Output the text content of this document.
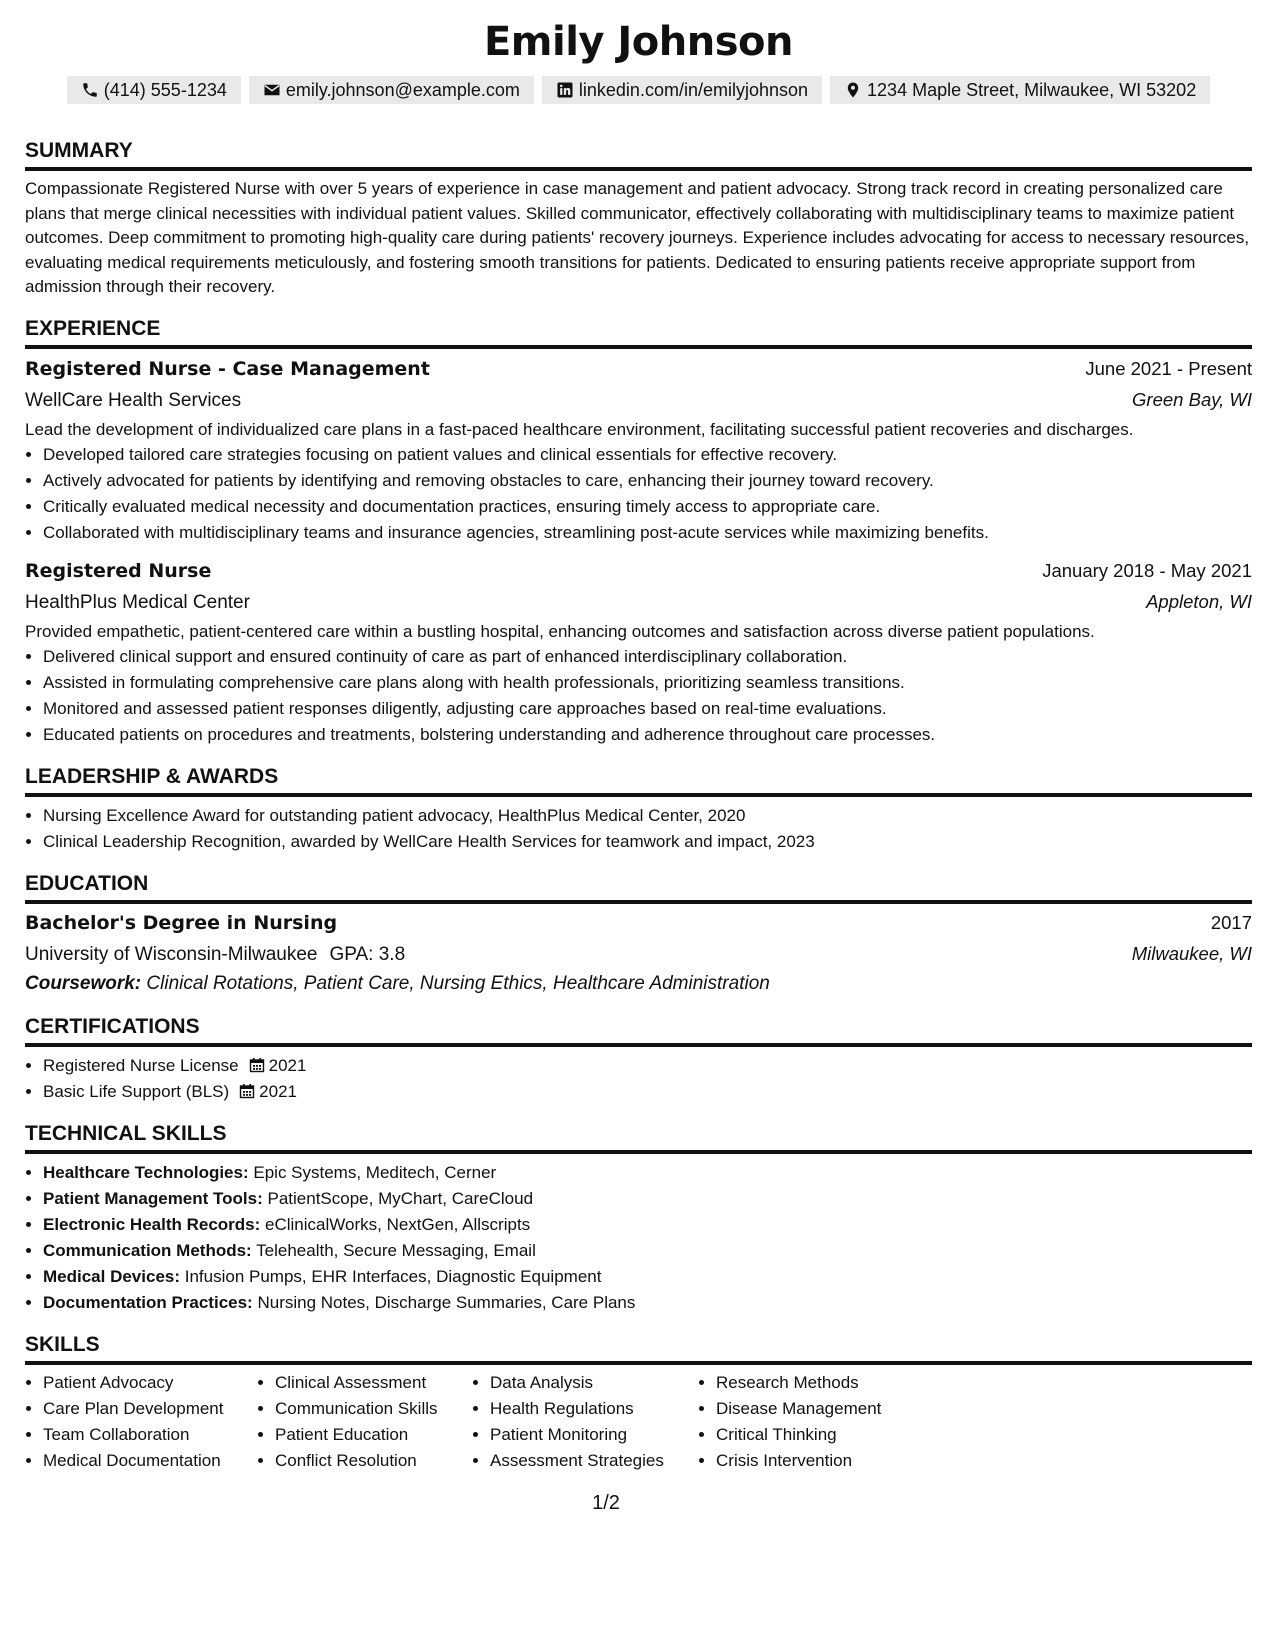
Emily Johnson
(414) 555-1234	emily.johnson@example.com	linkedin.com/in/emilyjohnson	1234 Maple Street, Milwaukee, WI 53202
SUMMARY
Compassionate Registered Nurse with over 5 years of experience in case management and patient advocacy. Strong track record in creating personalized care plans that merge clinical necessities with individual patient values. Skilled communicator, effectively collaborating with multidisciplinary teams to maximize patient outcomes. Deep commitment to promoting high-quality care during patients' recovery journeys. Experience includes advocating for access to necessary resources, evaluating medical requirements meticulously, and fostering smooth transitions for patients. Dedicated to ensuring patients receive appropriate support from admission through their recovery.
EXPERIENCE
Registered Nurse - Case Management	June 2021 - Present
WellCare Health Services	Green Bay, WI
Lead the development of individualized care plans in a fast-paced healthcare environment, facilitating successful patient recoveries and discharges.
• Developed tailored care strategies focusing on patient values and clinical essentials for effective recovery.
• Actively advocated for patients by identifying and removing obstacles to care, enhancing their journey toward recovery.
• Critically evaluated medical necessity and documentation practices, ensuring timely access to appropriate care.
• Collaborated with multidisciplinary teams and insurance agencies, streamlining post-acute services while maximizing benefits.
Registered Nurse	January 2018 - May 2021
HealthPlus Medical Center	Appleton, WI
Provided empathetic, patient-centered care within a bustling hospital, enhancing outcomes and satisfaction across diverse patient populations.
• Delivered clinical support and ensured continuity of care as part of enhanced interdisciplinary collaboration.
• Assisted in formulating comprehensive care plans along with health professionals, prioritizing seamless transitions.
• Monitored and assessed patient responses diligently, adjusting care approaches based on real-time evaluations.
• Educated patients on procedures and treatments, bolstering understanding and adherence throughout care processes.
LEADERSHIP & AWARDS
• Nursing Excellence Award for outstanding patient advocacy, HealthPlus Medical Center, 2020
• Clinical Leadership Recognition, awarded by WellCare Health Services for teamwork and impact, 2023
EDUCATION
Bachelor's Degree in Nursing	2017
University of Wisconsin-Milwaukee GPA: 3.8	Milwaukee, WI
Coursework: Clinical Rotations, Patient Care, Nursing Ethics, Healthcare Administration
CERTIFICATIONS
• Registered Nurse License 2021
• Basic Life Support (BLS) 2021
TECHNICAL SKILLS
• Healthcare Technologies: Epic Systems, Meditech, Cerner
• Patient Management Tools: PatientScope, MyChart, CareCloud
• Electronic Health Records: eClinicalWorks, NextGen, Allscripts
• Communication Methods: Telehealth, Secure Messaging, Email
• Medical Devices: Infusion Pumps, EHR Interfaces, Diagnostic Equipment
• Documentation Practices: Nursing Notes, Discharge Summaries, Care Plans
SKILLS
• Patient Advocacy
• Care Plan Development
• Team Collaboration
• Medical Documentation
• Clinical Assessment
• Communication Skills
• Patient Education
• Conflict Resolution
• Data Analysis
• Health Regulations
• Patient Monitoring
• Assessment Strategies
• Research Methods
• Disease Management
• Critical Thinking
• Crisis Intervention
1/2
